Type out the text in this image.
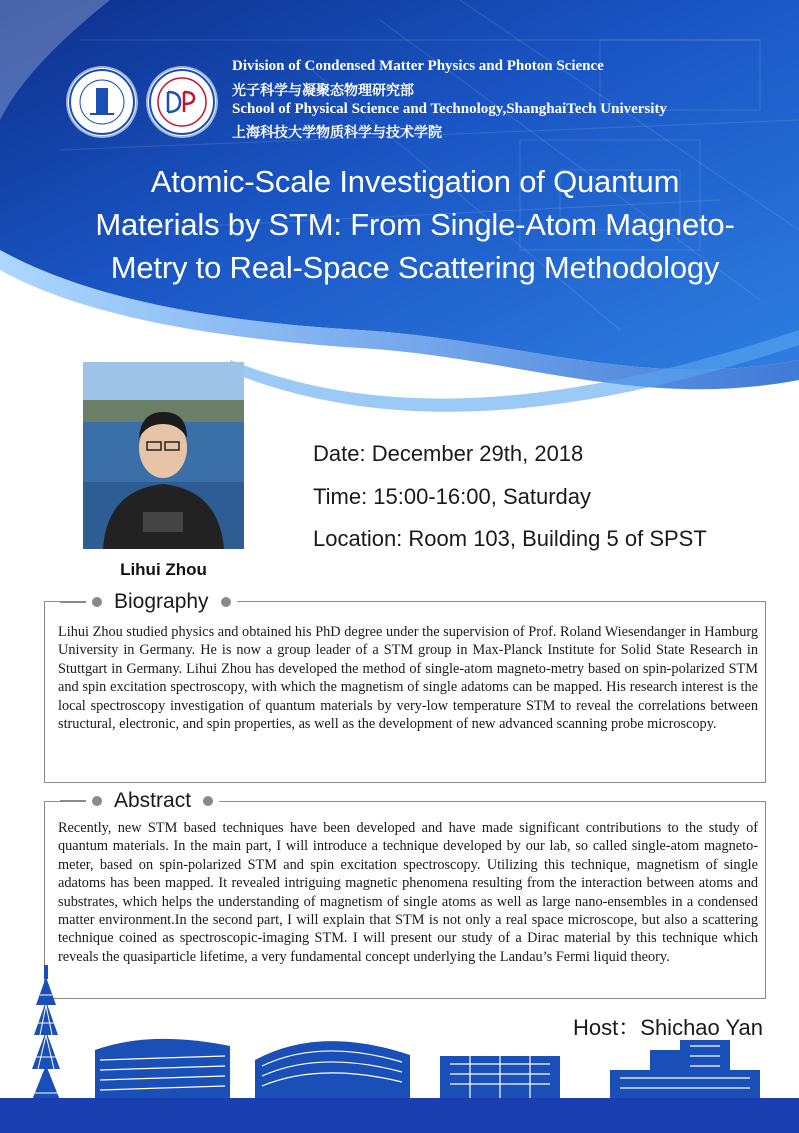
Division of Condensed Matter Physics and Photon Science
光子科学与凝聚态物理研究部
School of Physical Science and Technology,ShanghaiTech University
上海科技大学物质科学与技术学院
Atomic-Scale Investigation of Quantum Materials by STM: From Single-Atom Magneto-Metry to Real-Space Scattering Methodology
Lihui Zhou
Date: December 29th, 2018
Time: 15:00-16:00, Saturday
Location: Room 103, Building 5 of SPST
Biography

Lihui Zhou studied physics and obtained his PhD degree under the supervision of Prof. Roland Wiesendanger in Hamburg University in Germany. He is now a group leader of a STM group in Max-Planck Institute for Solid State Research in Stuttgart in Germany. Lihui Zhou has developed the method of single-atom magneto-metry based on spin-polarized STM and spin excitation spectroscopy, with which the magnetism of single adatoms can be mapped. His research interest is the local spectroscopy investigation of quantum materials by very-low temperature STM to reveal the correlations between structural, electronic, and spin properties, as well as the development of new advanced scanning probe microscopy.

Abstract

Recently, new STM based techniques have been developed and have made significant contributions to the study of quantum materials. In the main part, I will introduce a technique developed by our lab, so called single-atom magneto-meter, based on spin-polarized STM and spin excitation spectroscopy. Utilizing this technique, magnetism of single adatoms has been mapped. It revealed intriguing magnetic phenomena resulting from the interaction between atoms and substrates, which helps the understanding of magnetism of single atoms as well as large nano-ensembles in a condensed matter environment.In the second part, I will explain that STM is not only a real space microscope, but also a scattering technique coined as spectroscopic-imaging STM. I will present our study of a Dirac material by this technique which reveals the quasiparticle lifetime, a very fundamental concept underlying the Landau’s Fermi liquid theory.

Host：Shichao Yan
